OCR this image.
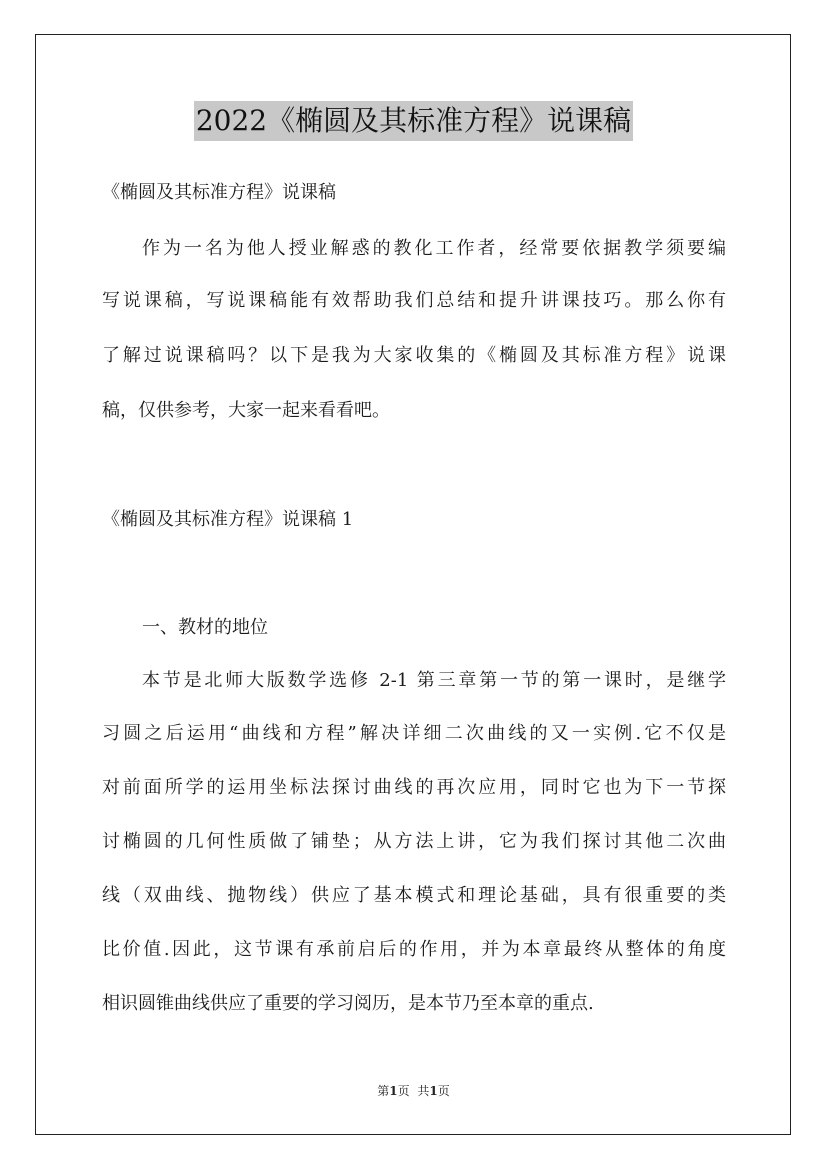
2022《椭圆及其标准方程》说课稿
《椭圆及其标准方程》说课稿
作为一名为他人授业解惑的教化工作者，经常要依据教学须要编
写说课稿，写说课稿能有效帮助我们总结和提升讲课技巧。那么你有
了解过说课稿吗？以下是我为大家收集的《椭圆及其标准方程》说课
稿，仅供参考，大家一起来看看吧。
《椭圆及其标准方程》说课稿 1
一、教材的地位
本节是北师大版数学选修 2-1 第三章第一节的第一课时，是继学
习圆之后运用“曲线和方程”解决详细二次曲线的又一实例.它不仅是
对前面所学的运用坐标法探讨曲线的再次应用，同时它也为下一节探
讨椭圆的几何性质做了铺垫；从方法上讲，它为我们探讨其他二次曲
线（双曲线、抛物线）供应了基本模式和理论基础，具有很重要的类
比价值.因此，这节课有承前启后的作用，并为本章最终从整体的角度
相识圆锥曲线供应了重要的学习阅历，是本节乃至本章的重点.
第1页 共1页
